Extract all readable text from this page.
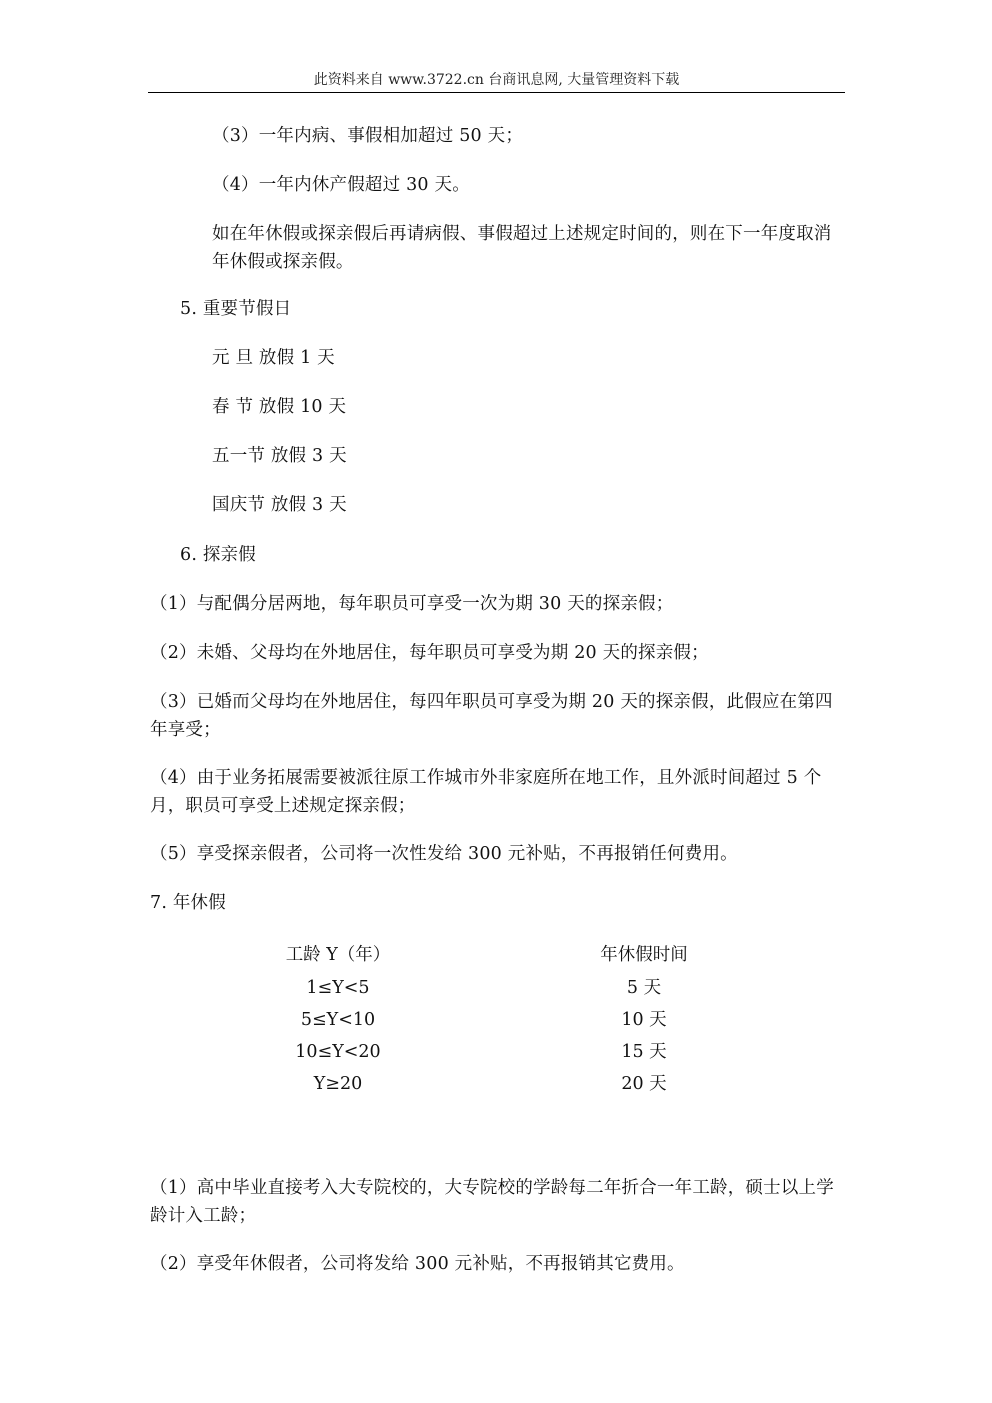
此资料来自 www.3722.cn 台商讯息网, 大量管理资料下载
（3）一年内病、事假相加超过 50 天；
（4）一年内休产假超过 30 天。
如在年休假或探亲假后再请病假、事假超过上述规定时间的，则在下一年度取消年休假或探亲假。
5. 重要节假日
元 旦 放假 1 天
春 节 放假 10 天
五一节 放假 3 天
国庆节 放假 3 天
6. 探亲假
（1）与配偶分居两地，每年职员可享受一次为期 30 天的探亲假；
（2）未婚、父母均在外地居住，每年职员可享受为期 20 天的探亲假；
（3）已婚而父母均在外地居住，每四年职员可享受为期 20 天的探亲假，此假应在第四年享受；
（4）由于业务拓展需要被派往原工作城市外非家庭所在地工作，且外派时间超过 5 个月，职员可享受上述规定探亲假；
（5）享受探亲假者，公司将一次性发给 300 元补贴，不再报销任何费用。
7. 年休假
工龄 Y（年）	年休假时间
1≤Y<5	5 天
5≤Y<10	10 天
10≤Y<20	15 天
Y≥20	20 天
（1）高中毕业直接考入大专院校的，大专院校的学龄每二年折合一年工龄，硕士以上学龄计入工龄；
（2）享受年休假者，公司将发给 300 元补贴，不再报销其它费用。
